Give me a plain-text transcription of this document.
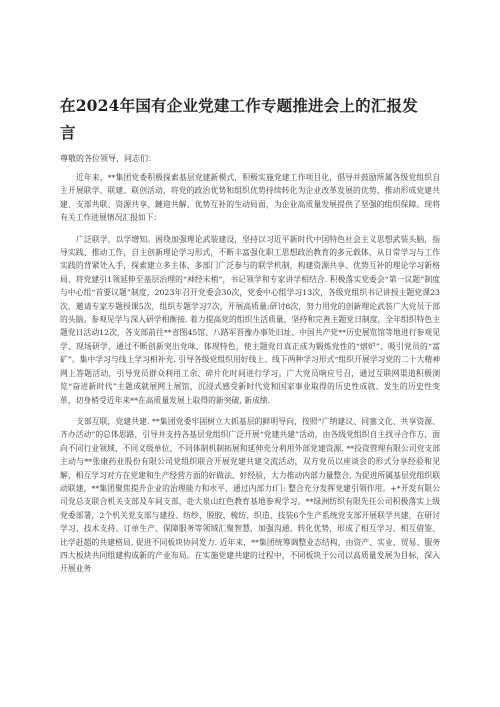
在2024年国有企业党建工作专题推进会上的汇报发
言

尊敬的各位领导，同志们：

近年来，**集团党委积极探索基层党建新模式，积极实施党建工作项目化，倡导并鼓励所属各级党组织自主开展联学、联建、联创活动，将党的政治优势和组织优势持续转化为企业改革发展的优势，推动形成党建共建、支部共联、资源共享、鏈迎共解、优势互补的生动局面，为企业高质量发展提供了坚强的组织保障。现将有关工作进展情况汇报如下：

广泛联学，以学增知。困绕加强理论武装建设，坚持以习近平新时代中国特色社会主义思想武装头脑，指导实践、推动工作，自主创新理论学习形式，不断丰富强化职工思想政治教育的多元载体，从日常学习与工作实践的背紧处入手，探索建立多主体、多部门广泛参与的联学机制，构建资源共享、优势互补的理论学习新格局，将党建引1领延伸至基层治理的“神经末梢”，书记领学和专家讲学相结合. 积极落实党委会“第一议题”制度与中心组“首要议题”制度，2023年召开党委会30次，党委中心组学习13次，各级党组织书记讲授主题党课23次，邀请专家专题授课5次，组织专题学习7次，开展高质量:研讨8次，努力用党的创新理论武装广大党员干部的头脑。参观见学与深入研学相衡接. 着力提高党的组织生活质量，坚持和完善主题党日制度，全年组织特色主题党日活动12次，各支部前往**省图45馆、八路军晋豫办事处旧址、中国共产党**历史展览馆等地进行参观见学、现场研学，通过不断创新突出党味、体现特色，使主题党日真正成为锻炼党性的“熔炉”、吸引党员的“富矿”。集中学习与线上学习相补充. 引导各级党组织用好线上、线下两种学习形式“组织开展学习党的二十大精神网上答题活动，引导党员群众利用工余、碎片化时间进行学习。广大党员响应号召，通过互联网渠道积极浏览“奋进新时代”主题成就展网上展馆，沉浸式感受新时代党和国家事业取得的历史性成就、发生的历史性变革，切身梢受近年来**在高质量发展上取得的新突破, 新成绩.

支部互联，党建共建. **集团党委牢固树立大抓基层的鲜明导向，按照“广纳建议、同塞文化、共享资源、齐办活动”的总体思路，引导并支持各基层党组织广泛开展“党建共建”活动，由各级党组织自主找寻合作方，面向不同行业领域、不同义级单位、不同体制机制拓展和延伸充分利用外部党建资源. **投资管理有限公司党支部主动与**张康药业股份有限公司党组织联合开展党建共建交流活动，双方党员以座谈会的形式分享经验和见解，相互学习对方在党建和生产经营方面的好做法、好经验，大力推动内部力量整合, 为促进所属基层党组织联动联建，**集团聚焦提升企业的治理能力和水平，通过内部力f门: 整合充分发挥党建引领作用。+*开发有限公司党总支联合机关支部及车间支部，赴大泉山红色教育基地参观学习。**绿洲纺织有限先任公司积极落实上级党委部署，2个机关党支部与建投、纺纱、脱胶、梳纺、织造、技装6个生产系统党支部开展联学共建，在研讨学习、技术支持、订单生产、保障服务等领域汇聚智慧，加强沟通、转化优势，形成了相互学习、相互借鉴、比学赶超的共建格局, 促进不同板块协同发力. 近年来，**集团统筹调整业态结构，由资产、实业、贸易、服务四大板块共同组建构成新的产业布局。在实施党建共建的过程中，不同板块于公司以高质量发展为目标，深入开展业务
